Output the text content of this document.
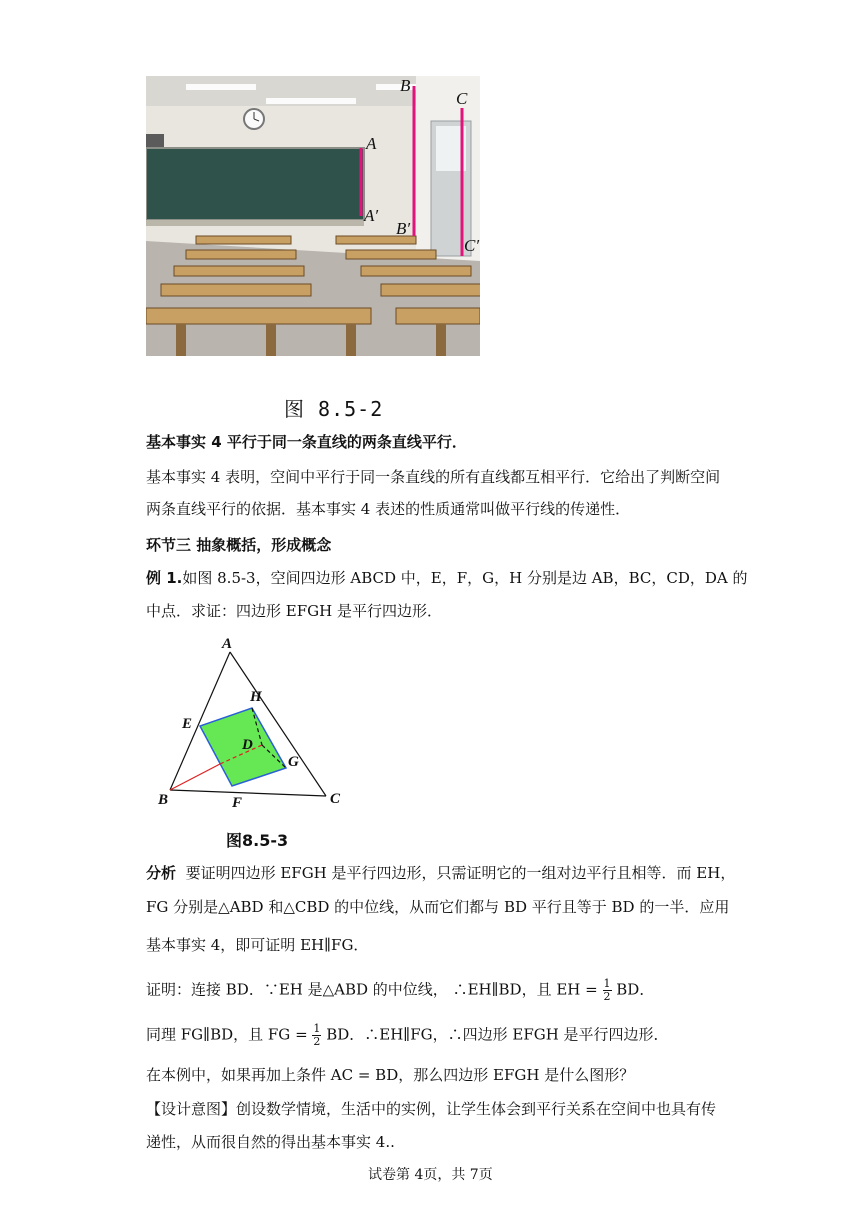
A
A′
B
B′
C
C′
图 8.5-2
基本事实 4 平行于同一条直线的两条直线平行．
基本事实 4 表明，空间中平行于同一条直线的所有直线都互相平行．它给出了判断空间
两条直线平行的依据．基本事实 4 表述的性质通常叫做平行线的传递性．
环节三 抽象概括，形成概念
例 1.如图 8.5-3，空间四边形 ABCD 中，E，F，G，H 分别是边 AB，BC，CD，DA 的
中点．求证：四边形 EFGH 是平行四边形．
A
H
E
D
G
B	F	C
图8.5-3
分析 要证明四边形 EFGH 是平行四边形，只需证明它的一组对边平行且相等．而 EH，
FG 分别是△ABD 和△CBD 的中位线，从而它们都与 BD 平行且等于 BD 的一半．应用
基本事实 4，即可证明 EH∥FG．
证明：连接 BD．∵EH 是△ABD 的中位线， ∴EH∥BD，且 EH = $\frac{1}{2}$ BD．
同理 FG∥BD，且 FG = $\frac{1}{2}$ BD．∴EH∥FG，∴四边形 EFGH 是平行四边形．
在本例中，如果再加上条件 AC = BD，那么四边形 EFGH 是什么图形？
【设计意图】创设数学情境，生活中的实例，让学生体会到平行关系在空间中也具有传
递性，从而很自然的得出基本事实 4..
试卷第 4页，共 7页
